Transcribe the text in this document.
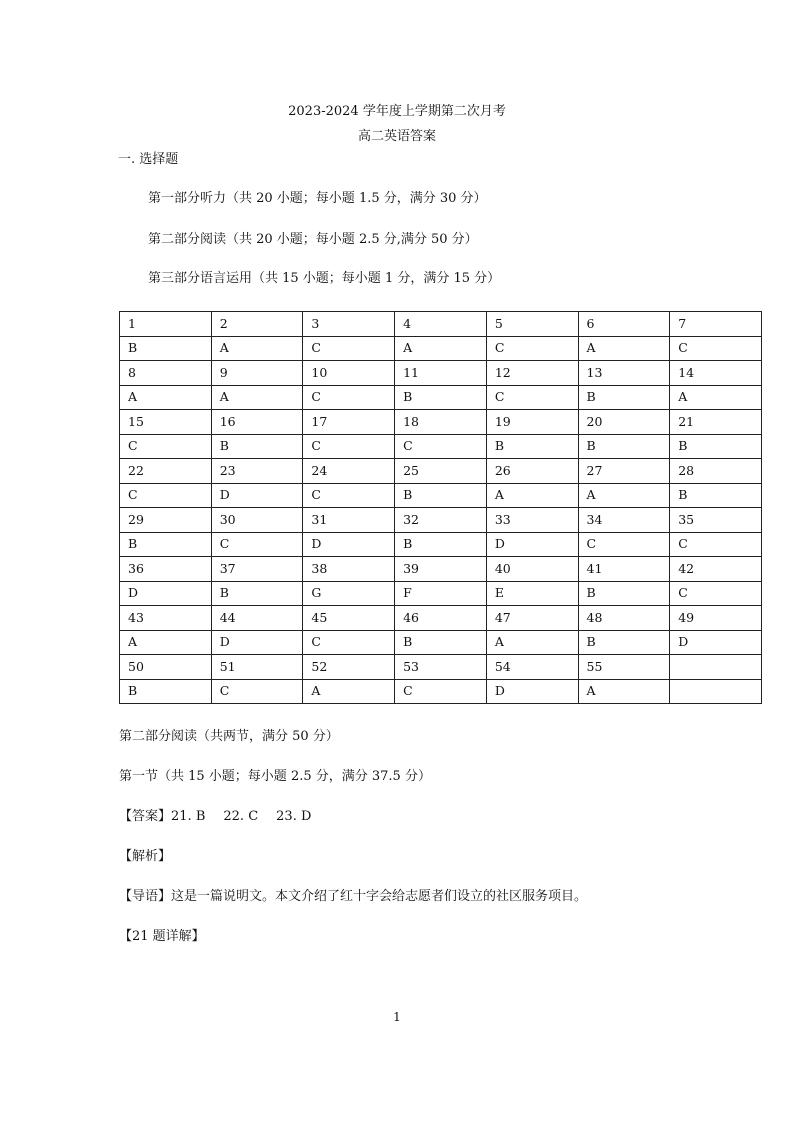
2023-2024 学年度上学期第二次月考
高二英语答案
一. 选择题
第一部分听力（共 20 小题；每小题 1.5 分，满分 30 分）
第二部分阅读（共 20 小题；每小题 2.5 分,满分 50 分）
第三部分语言运用（共 15 小题；每小题 1 分，满分 15 分）
1	2	3	4	5	6	7
B	A	C	A	C	A	C
8	9	10	11	12	13	14
A	A	C	B	C	B	A
15	16	17	18	19	20	21
C	B	C	C	B	B	B
22	23	24	25	26	27	28
C	D	C	B	A	A	B
29	30	31	32	33	34	35
B	C	D	B	D	C	C
36	37	38	39	40	41	42
D	B	G	F	E	B	C
43	44	45	46	47	48	49
A	D	C	B	A	B	D
50	51	52	53	54	55	
B	C	A	C	D	A	
第二部分阅读（共两节，满分 50 分）
第一节（共 15 小题；每小题 2.5 分，满分 37.5 分）
【答案】21. B 22. C 23. D
【解析】
【导语】这是一篇说明文。本文介绍了红十字会给志愿者们设立的社区服务项目。
【21 题详解】
1
